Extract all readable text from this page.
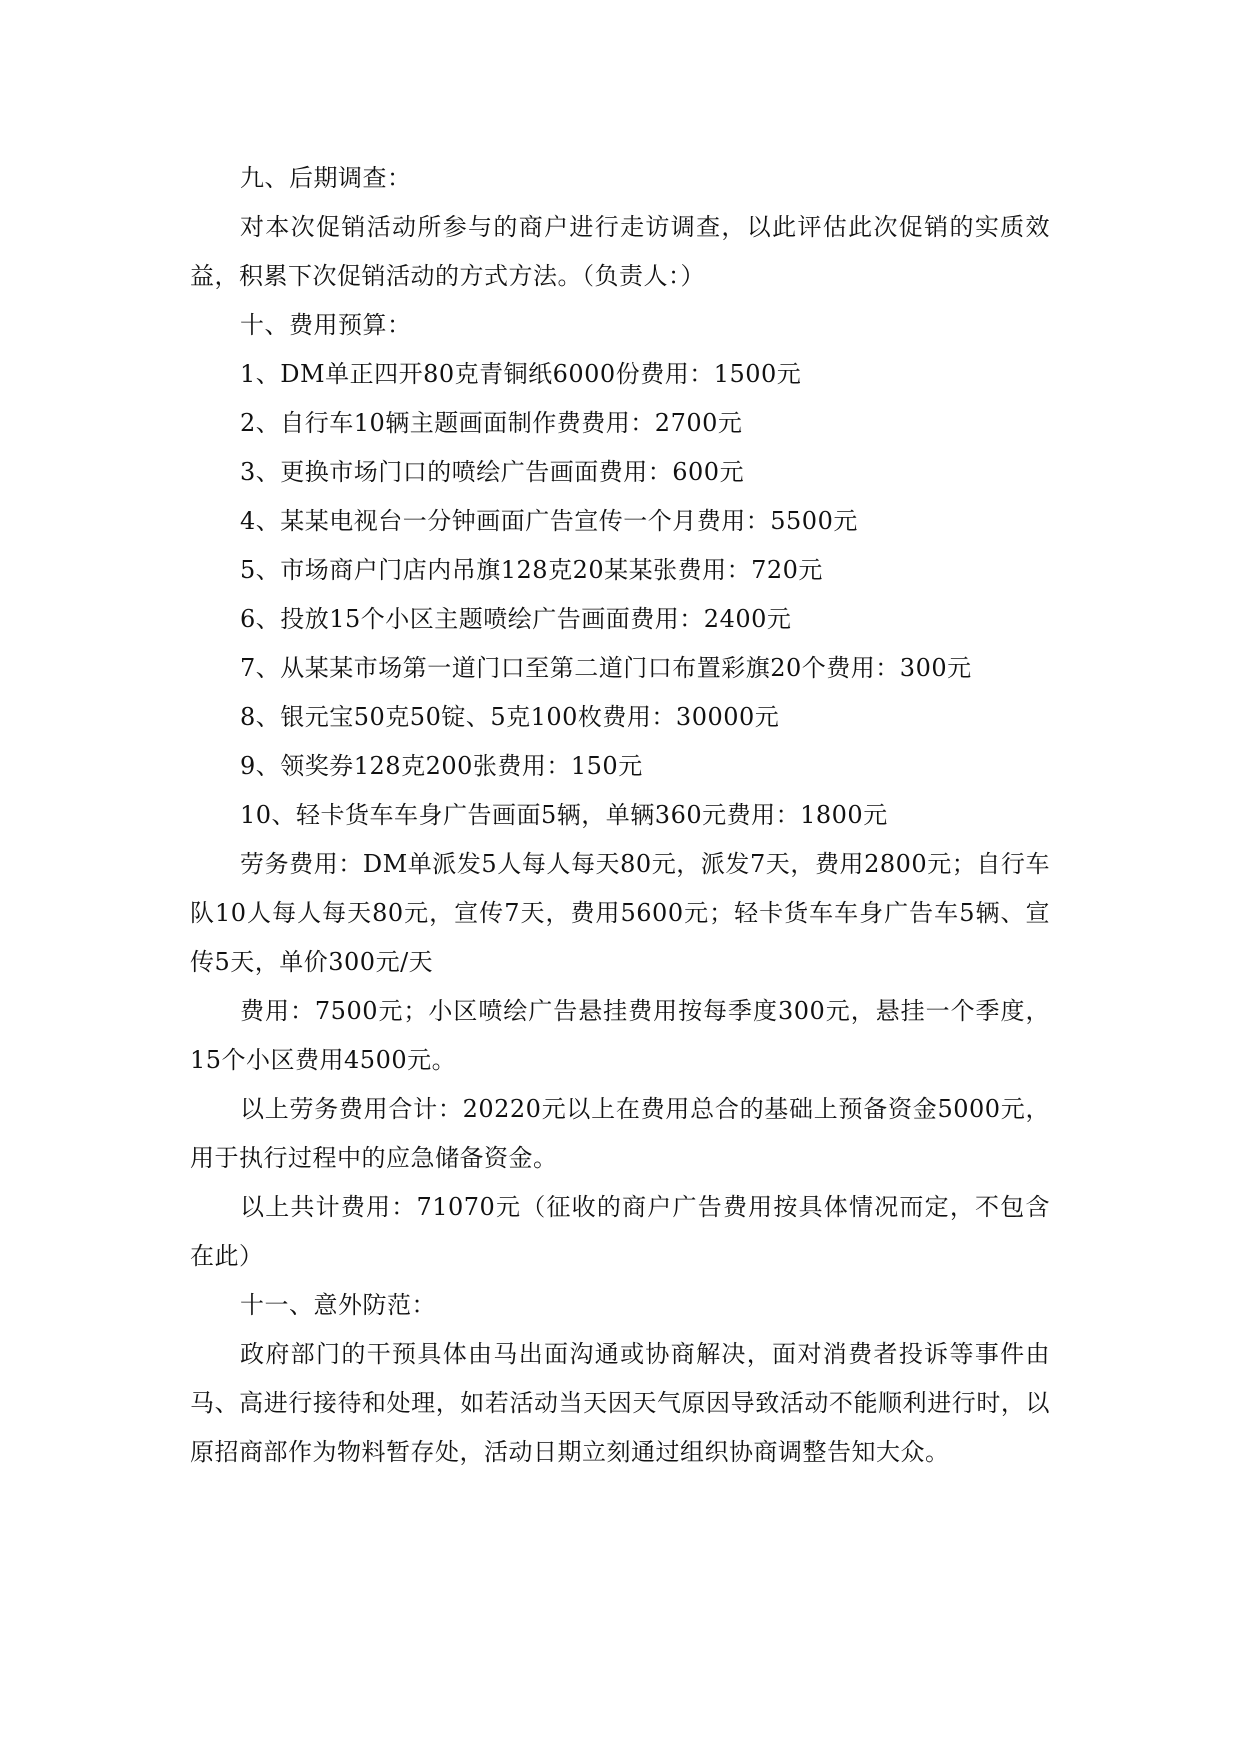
九、后期调查：

对本次促销活动所参与的商户进行走访调查，以此评估此次促销的实质效益，积累下次促销活动的方式方法。（负责人：）

十、费用预算：

1、DM单正四开80克青铜纸6000份费用：1500元

2、自行车10辆主题画面制作费费用：2700元

3、更换市场门口的喷绘广告画面费用：600元

4、某某电视台一分钟画面广告宣传一个月费用：5500元

5、市场商户门店内吊旗128克20某某张费用：720元

6、投放15个小区主题喷绘广告画面费用：2400元

7、从某某市场第一道门口至第二道门口布置彩旗20个费用：300元

8、银元宝50克50锭、5克100枚费用：30000元

9、领奖券128克200张费用：150元

10、轻卡货车车身广告画面5辆，单辆360元费用：1800元

劳务费用：DM单派发5人每人每天80元，派发7天，费用2800元；自行车队10人每人每天80元，宣传7天，费用5600元；轻卡货车车身广告车5辆、宣传5天，单价300元/天

费用：7500元；小区喷绘广告悬挂费用按每季度300元，悬挂一个季度，15个小区费用4500元。

以上劳务费用合计：20220元以上在费用总合的基础上预备资金5000元，用于执行过程中的应急储备资金。

以上共计费用：71070元（征收的商户广告费用按具体情况而定，不包含在此）

十一、意外防范：

政府部门的干预具体由马出面沟通或协商解决，面对消费者投诉等事件由马、高进行接待和处理，如若活动当天因天气原因导致活动不能顺利进行时，以原招商部作为物料暂存处，活动日期立刻通过组织协商调整告知大众。
